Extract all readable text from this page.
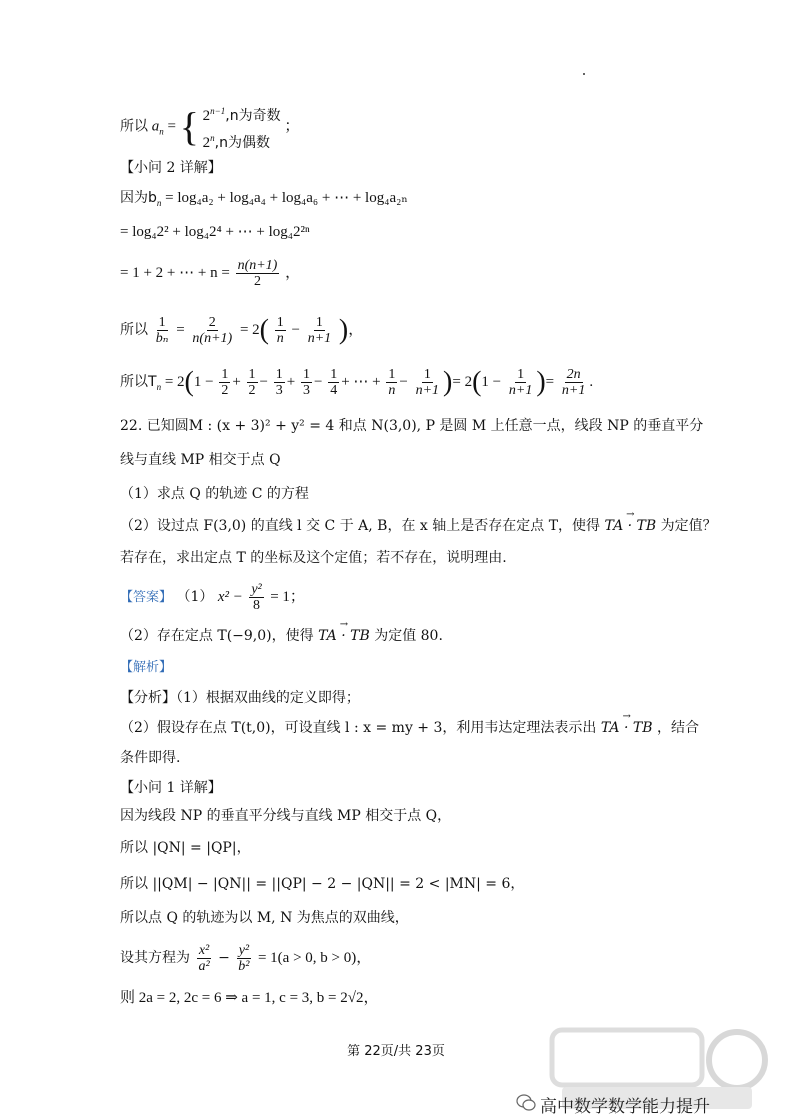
所以 $a_n$ = { $2^{n-1},n$为奇数
2$^n$,n为偶数
；
【小问 2 详解】
因为$b_n = \log_4a_2 + \log_4a_4 + \log_4a_6$ + ⋯ + log₄a₂ₙ
= log₄2² + log₄2⁴ + ⋯ + log₄2²ⁿ
= 1 + 2 + ⋯ + $n = \frac{n(n+1)}{2}$ ，
所以 $\frac{1}{\text{bₙ}} = \frac{2}{n(n+1)} = 2( \frac{1}{n} - \frac{1}{n+1}$ )，
所以$T_n = 2(1 - \frac{1}{2} + \frac{1}{2} - \frac{1}{3} + \frac{1}{3} - \frac{1}{4}$ + ⋯ + $\frac{1}{n} - \frac{1}{n+1}$ )= $2(1 - \frac{1}{n+1}$ )= $\frac{2n}{n+1}$ .
22. 已知圆M : (x + 3)² + y² = 4 和点 N(3,0), P 是圆 M 上任意一点，线段 NP 的垂直平分
线与直线 MP 相交于点 Q
（1）求点 Q 的轨迹 C 的方程
（2）设过点 F(3,0) 的直线 l 交 C 于 A, B，在 x 轴上是否存在定点 T，使得 → TA · TB 为定值？
若存在，求出定点 T 的坐标及这个定值；若不存在，说明理由.
【答案】 （1） $x^2 - \frac{\text{y²}}{8} = 1$；
（2）存在定点 T(−9,0)，使得 → TA · TB 为定值 80.
【解析】
【分析】（1）根据双曲线的定义即得；
（2）假设存在点 T(t,0)，可设直线 l : x = my + 3，利用韦达定理法表示出 → TA · TB ，结合
条件即得.
【小问 1 详解】
因为线段 NP 的垂直平分线与直线 MP 相交于点 Q，
所以 |QN| = |QP|，
所以 ||QM| − |QN|| = ||QP| − 2 − |QN|| = 2 < |MN| = 6，
所以点 Q 的轨迹为以 M, N 为焦点的双曲线，
设其方程为 $\frac{\text{x²}}{\text{a²}} - \frac{\text{y²}}{\text{b²}} = 1(a > 0$, b > 0)，
则 2a = 2, 2c = 6 ⇒ a = 1, c = 3, b = 2√2，
第 22页/共 23页
高中数学数学能力提升
